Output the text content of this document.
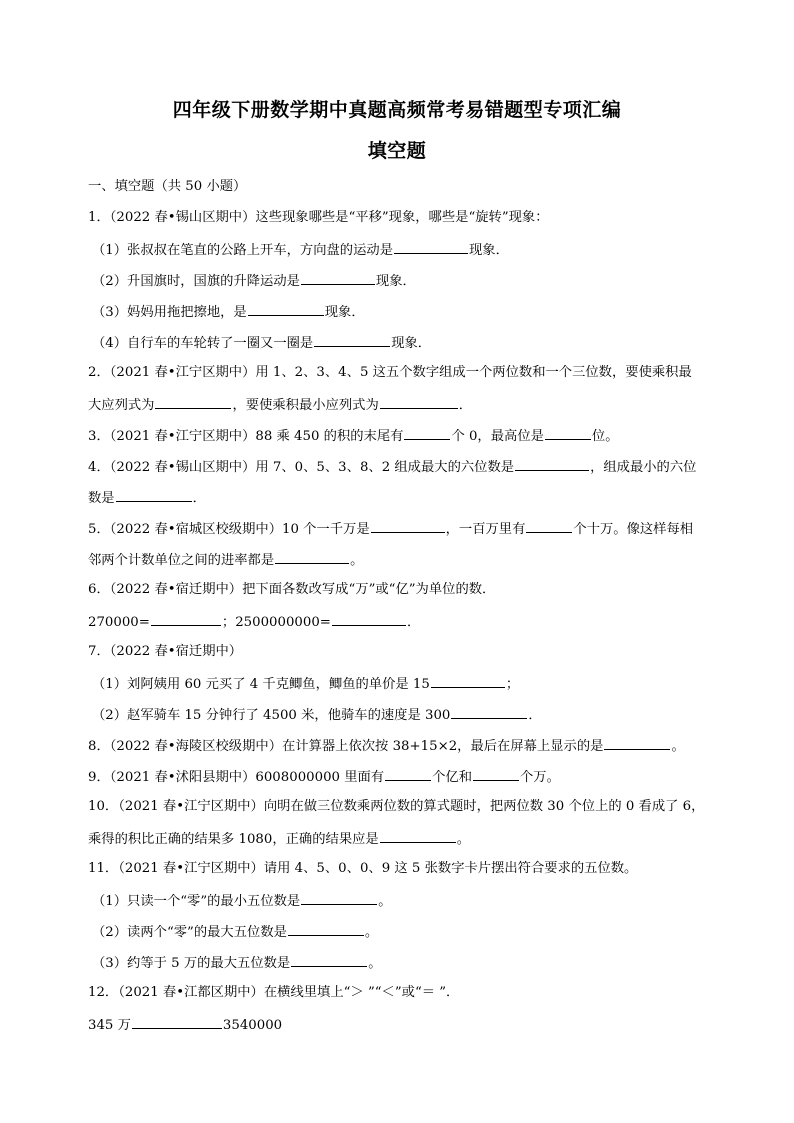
四年级下册数学期中真题高频常考易错题型专项汇编
填空题
一、填空题（共 50 小题）
1．（2022 春•锡山区期中）这些现象哪些是“平移”现象，哪些是“旋转”现象：
（1）张叔叔在笔直的公路上开车，方向盘的运动是	现象．
（2）升国旗时，国旗的升降运动是	现象．
（3）妈妈用拖把擦地，是	现象．
（4）自行车的车轮转了一圈又一圈是	现象．
2．（2021 春•江宁区期中）用 1、2、3、4、5 这五个数字组成一个两位数和一个三位数，要使乘积最
大应列式为	，要使乘积最小应列式为	．
3．（2021 春•江宁区期中）88 乘 450 的积的末尾有	个 0，最高位是	位。
4．（2022 春•锡山区期中）用 7、0、5、3、8、2 组成最大的六位数是	，组成最小的六位
数是	．
5．（2022 春•宿城区校级期中）10 个一千万是	，一百万里有	个十万。像这样每相
邻两个计数单位之间的进率都是	。
6．（2022 春•宿迁期中）把下面各数改写成“万”或“亿”为单位的数．
270000=	；2500000000=	．
7．（2022 春•宿迁期中）
（1）刘阿姨用 60 元买了 4 千克鲫鱼，鲫鱼的单价是 15	；
（2）赵军骑车 15 分钟行了 4500 米，他骑车的速度是 300	．
8．（2022 春•海陵区校级期中）在计算器上依次按 38+15×2，最后在屏幕上显示的是	。
9．（2021 春•沭阳县期中）6008000000 里面有	个亿和	个万。
10．（2021 春•江宁区期中）向明在做三位数乘两位数的算式题时，把两位数 30 个位上的 0 看成了 6，
乘得的积比正确的结果多 1080，正确的结果应是	。
11．（2021 春•江宁区期中）请用 4、5、0、0、9 这 5 张数字卡片摆出符合要求的五位数。
（1）只读一个“零”的最小五位数是	。
（2）读两个“零”的最大五位数是	。
（3）约等于 5 万的最大五位数是	。
12．（2021 春•江都区期中）在横线里填上“＞ ”“＜”或“＝ ”．
345 万	3540000
